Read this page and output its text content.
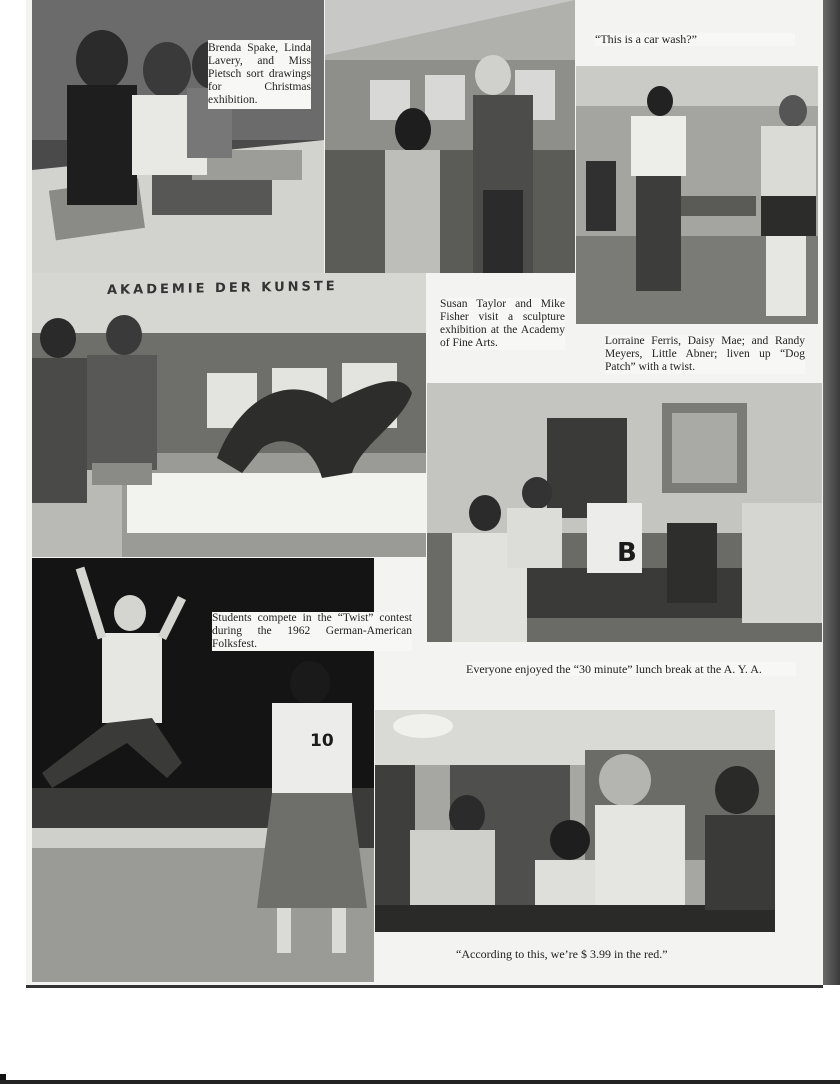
Brenda Spake, Linda Lavery, and Miss Pietsch sort drawings for Christmas exhibition.
“This is a car wash?”
AKADEMIE DER KUNSTE
Susan Taylor and Mike Fisher visit a sculpture exhibition at the Academy of Fine Arts.	Lorraine Ferris, Daisy Mae; and Randy Meyers, Little Abner; liven up “Dog Patch” with a twist.
B
10
Students compete in the “Twist” contest during the 1962 German-American Folksfest.
Everyone enjoyed the “30 minute” lunch break at the A. Y. A.
“According to this, we’re $ 3.99 in the red.”
